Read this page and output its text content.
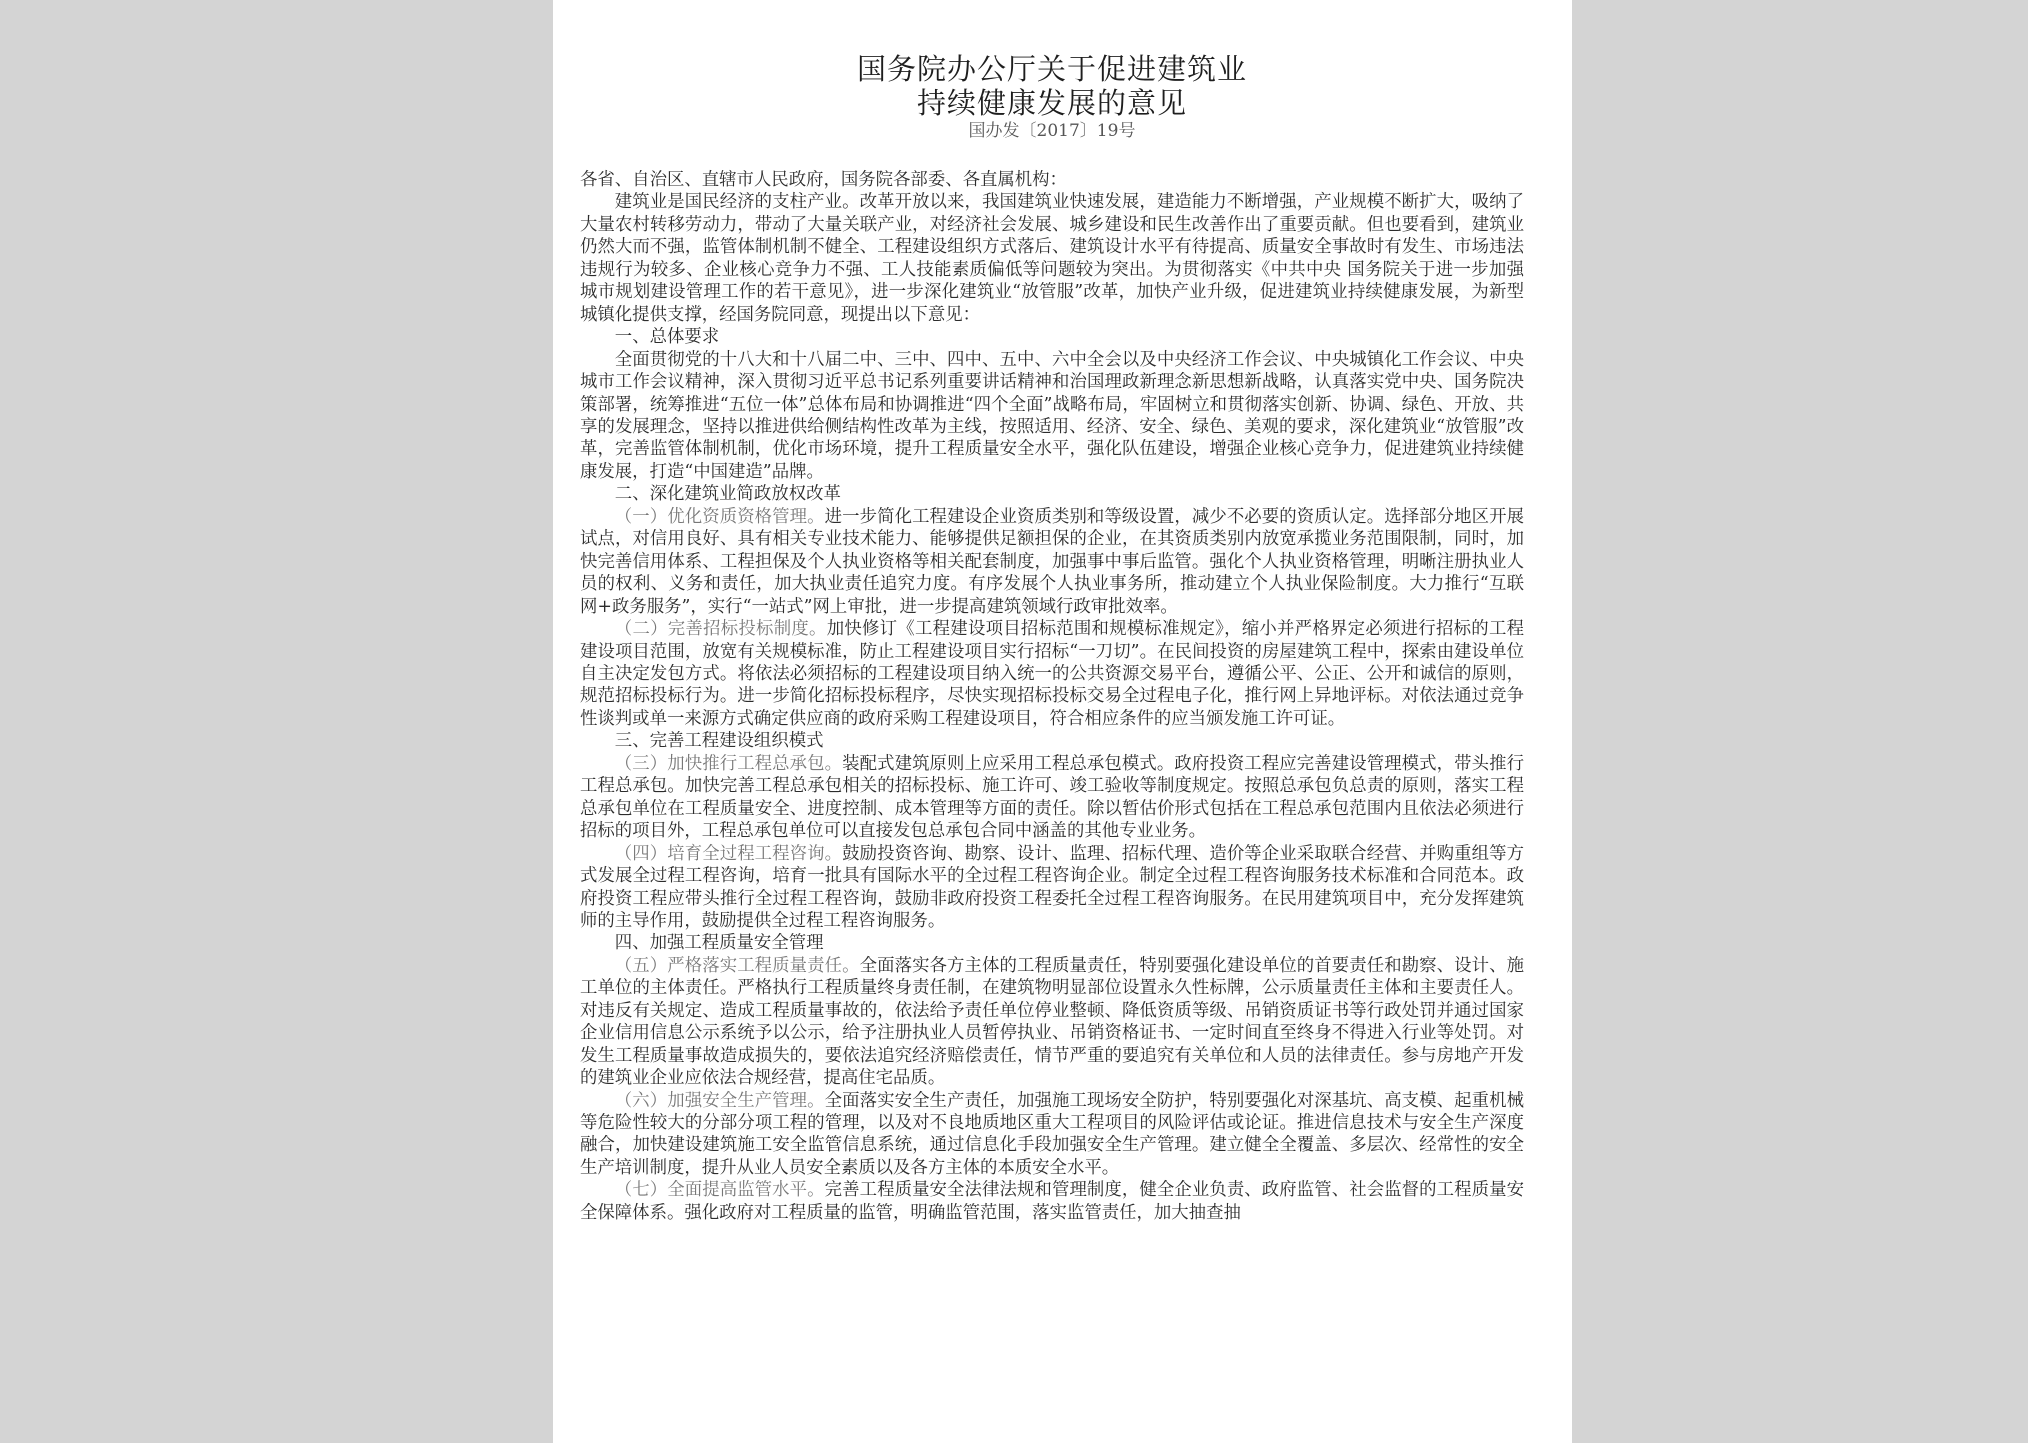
国务院办公厅关于促进建筑业
持续健康发展的意见
国办发〔2017〕19号

各省、自治区、直辖市人民政府，国务院各部委、各直属机构：

建筑业是国民经济的支柱产业。改革开放以来，我国建筑业快速发展，建造能力不断增强，产业规模不断扩大，吸纳了大量农村转移劳动力，带动了大量关联产业，对经济社会发展、城乡建设和民生改善作出了重要贡献。但也要看到，建筑业仍然大而不强，监管体制机制不健全、工程建设组织方式落后、建筑设计水平有待提高、质量安全事故时有发生、市场违法违规行为较多、企业核心竞争力不强、工人技能素质偏低等问题较为突出。为贯彻落实《中共中央 国务院关于进一步加强城市规划建设管理工作的若干意见》，进一步深化建筑业“放管服”改革，加快产业升级，促进建筑业持续健康发展，为新型城镇化提供支撑，经国务院同意，现提出以下意见：

一、总体要求

全面贯彻党的十八大和十八届二中、三中、四中、五中、六中全会以及中央经济工作会议、中央城镇化工作会议、中央城市工作会议精神，深入贯彻习近平总书记系列重要讲话精神和治国理政新理念新思想新战略，认真落实党中央、国务院决策部署，统筹推进“五位一体”总体布局和协调推进“四个全面”战略布局，牢固树立和贯彻落实创新、协调、绿色、开放、共享的发展理念，坚持以推进供给侧结构性改革为主线，按照适用、经济、安全、绿色、美观的要求，深化建筑业“放管服”改革，完善监管体制机制，优化市场环境，提升工程质量安全水平，强化队伍建设，增强企业核心竞争力，促进建筑业持续健康发展，打造“中国建造”品牌。

二、深化建筑业简政放权改革

（一）优化资质资格管理。进一步简化工程建设企业资质类别和等级设置，减少不必要的资质认定。选择部分地区开展试点，对信用良好、具有相关专业技术能力、能够提供足额担保的企业，在其资质类别内放宽承揽业务范围限制，同时，加快完善信用体系、工程担保及个人执业资格等相关配套制度，加强事中事后监管。强化个人执业资格管理，明晰注册执业人员的权利、义务和责任，加大执业责任追究力度。有序发展个人执业事务所，推动建立个人执业保险制度。大力推行“互联网+政务服务”，实行“一站式”网上审批，进一步提高建筑领域行政审批效率。

（二）完善招标投标制度。加快修订《工程建设项目招标范围和规模标准规定》，缩小并严格界定必须进行招标的工程建设项目范围，放宽有关规模标准，防止工程建设项目实行招标“一刀切”。在民间投资的房屋建筑工程中，探索由建设单位自主决定发包方式。将依法必须招标的工程建设项目纳入统一的公共资源交易平台，遵循公平、公正、公开和诚信的原则，规范招标投标行为。进一步简化招标投标程序，尽快实现招标投标交易全过程电子化，推行网上异地评标。对依法通过竞争性谈判或单一来源方式确定供应商的政府采购工程建设项目，符合相应条件的应当颁发施工许可证。

三、完善工程建设组织模式

（三）加快推行工程总承包。装配式建筑原则上应采用工程总承包模式。政府投资工程应完善建设管理模式，带头推行工程总承包。加快完善工程总承包相关的招标投标、施工许可、竣工验收等制度规定。按照总承包负总责的原则，落实工程总承包单位在工程质量安全、进度控制、成本管理等方面的责任。除以暂估价形式包括在工程总承包范围内且依法必须进行招标的项目外，工程总承包单位可以直接发包总承包合同中涵盖的其他专业业务。

（四）培育全过程工程咨询。鼓励投资咨询、勘察、设计、监理、招标代理、造价等企业采取联合经营、并购重组等方式发展全过程工程咨询，培育一批具有国际水平的全过程工程咨询企业。制定全过程工程咨询服务技术标准和合同范本。政府投资工程应带头推行全过程工程咨询，鼓励非政府投资工程委托全过程工程咨询服务。在民用建筑项目中，充分发挥建筑师的主导作用，鼓励提供全过程工程咨询服务。

四、加强工程质量安全管理

（五）严格落实工程质量责任。全面落实各方主体的工程质量责任，特别要强化建设单位的首要责任和勘察、设计、施工单位的主体责任。严格执行工程质量终身责任制，在建筑物明显部位设置永久性标牌，公示质量责任主体和主要责任人。对违反有关规定、造成工程质量事故的，依法给予责任单位停业整顿、降低资质等级、吊销资质证书等行政处罚并通过国家企业信用信息公示系统予以公示，给予注册执业人员暂停执业、吊销资格证书、一定时间直至终身不得进入行业等处罚。对发生工程质量事故造成损失的，要依法追究经济赔偿责任，情节严重的要追究有关单位和人员的法律责任。参与房地产开发的建筑业企业应依法合规经营，提高住宅品质。

（六）加强安全生产管理。全面落实安全生产责任，加强施工现场安全防护，特别要强化对深基坑、高支模、起重机械等危险性较大的分部分项工程的管理，以及对不良地质地区重大工程项目的风险评估或论证。推进信息技术与安全生产深度融合，加快建设建筑施工安全监管信息系统，通过信息化手段加强安全生产管理。建立健全全覆盖、多层次、经常性的安全生产培训制度，提升从业人员安全素质以及各方主体的本质安全水平。

（七）全面提高监管水平。完善工程质量安全法律法规和管理制度，健全企业负责、政府监管、社会监督的工程质量安全保障体系。强化政府对工程质量的监管，明确监管范围，落实监管责任，加大抽查抽
